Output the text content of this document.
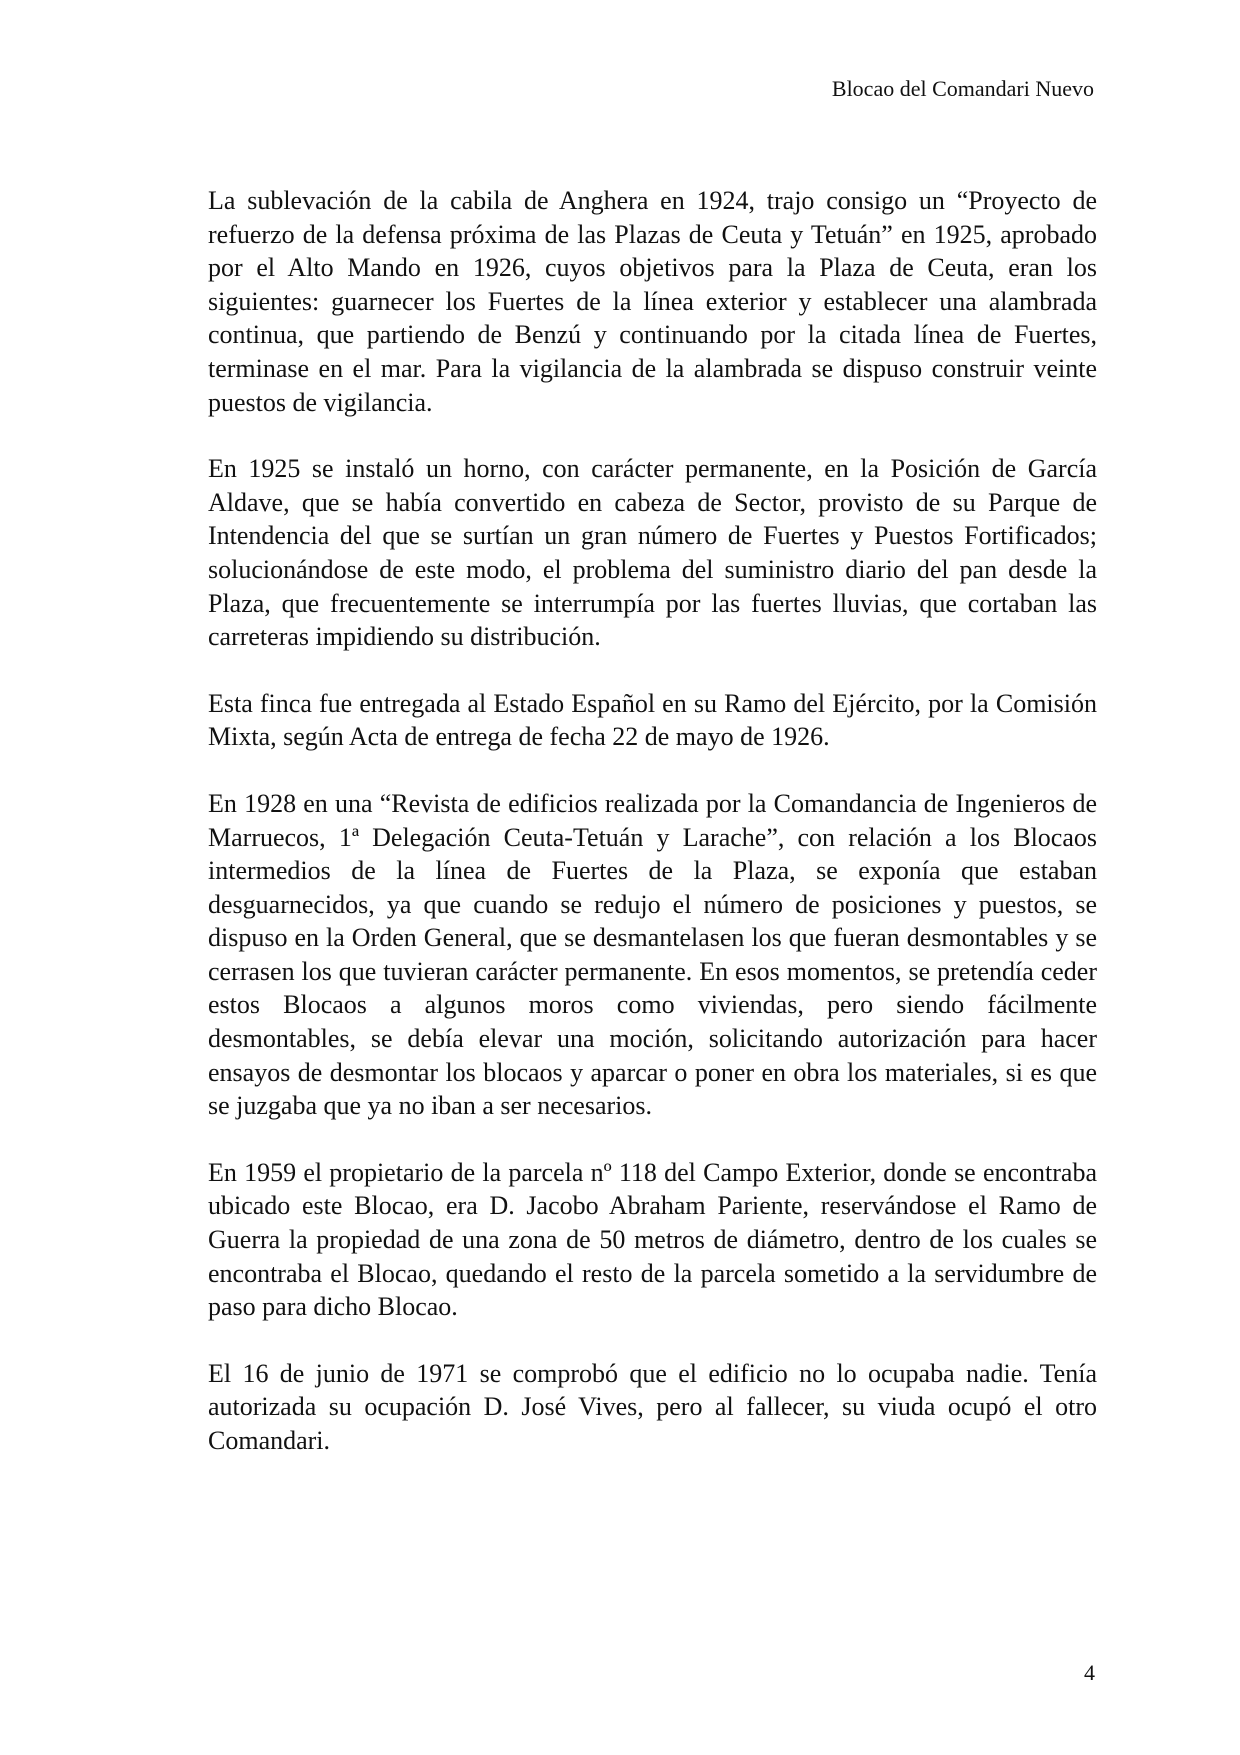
Blocao del Comandari Nuevo

La sublevación de la cabila de Anghera en 1924, trajo consigo un “Proyecto de refuerzo de la defensa próxima de las Plazas de Ceuta y Tetuán” en 1925, aprobado por el Alto Mando en 1926, cuyos objetivos para la Plaza de Ceuta, eran los siguientes: guarnecer los Fuertes de la línea exterior y establecer una alambrada continua, que partiendo de Benzú y continuando por la citada línea de Fuertes, terminase en el mar. Para la vigilancia de la alambrada se dispuso construir veinte puestos de vigilancia.

En 1925 se instaló un horno, con carácter permanente, en la Posición de García Aldave, que se había convertido en cabeza de Sector, provisto de su Parque de Intendencia del que se surtían un gran número de Fuertes y Puestos Fortificados; solucionándose de este modo, el problema del suministro diario del pan desde la Plaza, que frecuentemente se interrumpía por las fuertes lluvias, que cortaban las carreteras impidiendo su distribución.

Esta finca fue entregada al Estado Español en su Ramo del Ejército, por la Comisión Mixta, según Acta de entrega de fecha 22 de mayo de 1926.

En 1928 en una “Revista de edificios realizada por la Comandancia de Ingenieros de Marruecos, 1ª Delegación Ceuta-Tetuán y Larache”, con relación a los Blocaos intermedios de la línea de Fuertes de la Plaza, se exponía que estaban desguarnecidos, ya que cuando se redujo el número de posiciones y puestos, se dispuso en la Orden General, que se desmantelasen los que fueran desmontables y se cerrasen los que tuvieran carácter permanente. En esos momentos, se pretendía ceder estos Blocaos a algunos moros como viviendas, pero siendo fácilmente desmontables, se debía elevar una moción, solicitando autorización para hacer ensayos de desmontar los blocaos y aparcar o poner en obra los materiales, si es que se juzgaba que ya no iban a ser necesarios.

En 1959 el propietario de la parcela nº 118 del Campo Exterior, donde se encontraba ubicado este Blocao, era D. Jacobo Abraham Pariente, reservándose el Ramo de Guerra la propiedad de una zona de 50 metros de diámetro, dentro de los cuales se encontraba el Blocao, quedando el resto de la parcela sometido a la servidumbre de paso para dicho Blocao.

El 16 de junio de 1971 se comprobó que el edificio no lo ocupaba nadie. Tenía autorizada su ocupación D. José Vives, pero al fallecer, su viuda ocupó el otro Comandari.

4
